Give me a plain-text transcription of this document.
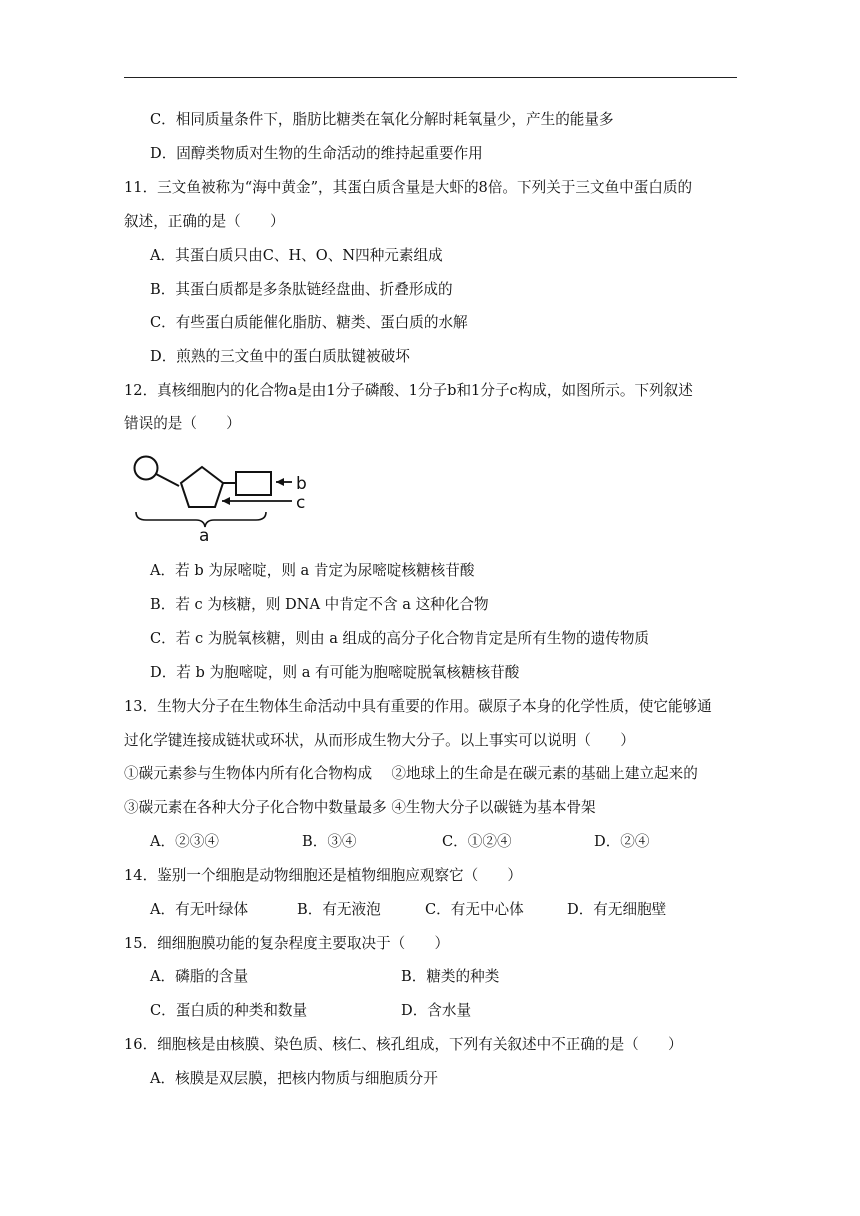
C．相同质量条件下，脂肪比糖类在氧化分解时耗氧量少，产生的能量多
D．固醇类物质对生物的生命活动的维持起重要作用
11．三文鱼被称为“海中黄金”，其蛋白质含量是大虾的8倍。下列关于三文鱼中蛋白质的
叙述，正确的是（　　）
A．其蛋白质只由C、H、O、N四种元素组成
B．其蛋白质都是多条肽链经盘曲、折叠形成的
C．有些蛋白质能催化脂肪、糖类、蛋白质的水解
D．煎熟的三文鱼中的蛋白质肽键被破坏
12．真核细胞内的化合物a是由1分子磷酸、1分子b和1分子c构成，如图所示。下列叙述
错误的是（　　）
b
c
a
A．若 b 为尿嘧啶，则 a 肯定为尿嘧啶核糖核苷酸
B．若 c 为核糖，则 DNA 中肯定不含 a 这种化合物
C．若 c 为脱氧核糖，则由 a 组成的高分子化合物肯定是所有生物的遗传物质
D．若 b 为胞嘧啶，则 a 有可能为胞嘧啶脱氧核糖核苷酸
13．生物大分子在生物体生命活动中具有重要的作用。碳原子本身的化学性质，使它能够通
过化学键连接成链状或环状，从而形成生物大分子。以上事实可以说明（　　）
①碳元素参与生物体内所有化合物构成　 ②地球上的生命是在碳元素的基础上建立起来的
③碳元素在各种大分子化合物中数量最多 ④生物大分子以碳链为基本骨架
A．②③④	B．③④	C．①②④	D．②④
14．鉴别一个细胞是动物细胞还是植物细胞应观察它（　　）
A．有无叶绿体	B．有无液泡	C．有无中心体	D．有无细胞壁
15．细细胞膜功能的复杂程度主要取决于（　　）
A．磷脂的含量	B．糖类的种类
C．蛋白质的种类和数量	D．含水量
16．细胞核是由核膜、染色质、核仁、核孔组成，下列有关叙述中不正确的是（　　）
A．核膜是双层膜，把核内物质与细胞质分开
